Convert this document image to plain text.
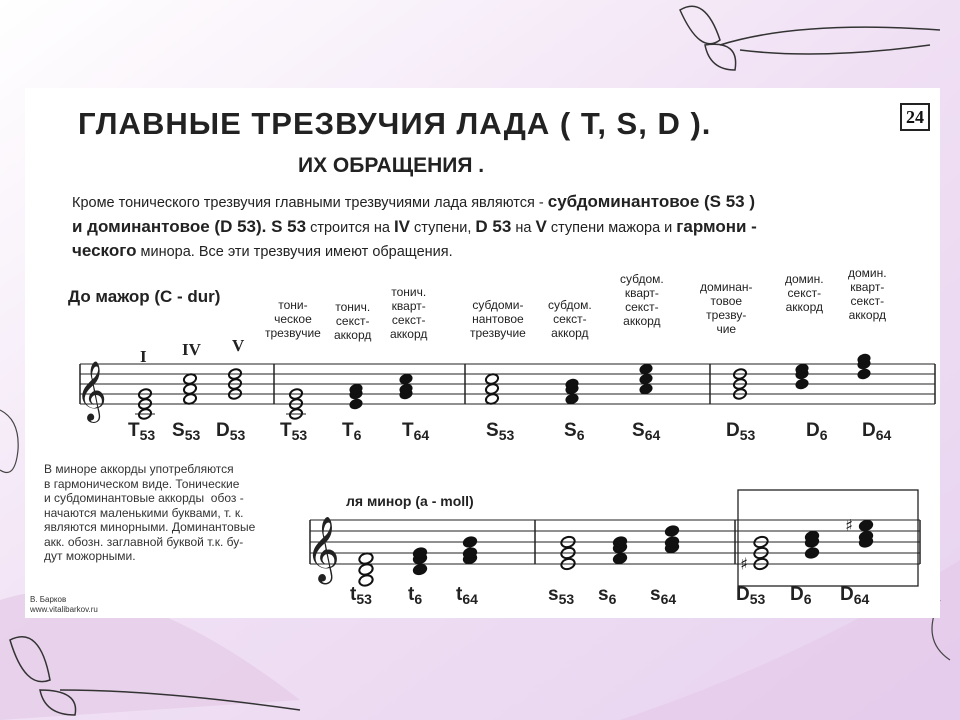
24
ГЛАВНЫЕ ТРЕЗВУЧИЯ ЛАДА ( T, S, D ).
ИХ ОБРАЩЕНИЯ .
Кроме тонического трезвучия главными трезвучиями лада являются - субдоминантовое (S 53 )
и доминантовое (D 53). S 53 строится на IV ступени, D 53 на V ступени мажора и гармони -
ческого минора. Все эти трезвучия имеют обращения.
До мажор (С - dur)
I IV V
тони-
ческое
трезвучие
тонич.
секст-
аккорд
тонич.
кварт-
секст-
аккорд
субдоми-
нантовое
трезвучие
субдом.
секст-
аккорд
субдом.
кварт-
секст-
аккорд
доминан-
товое
трезву-
чие
домин.
секст-
аккорд
домин.
кварт-
секст-
аккорд
𝄞
$T_{53}$ $S_{53}$ $D_{53}$ $T_{53}$ $T_6$ $T_{64}$	$S_{53}$	$S_6$	$S_{64}$	$D_{53}$	$D_6$ $D_{64}$
В миноре аккорды употребляются
в гармоническом виде. Тонические
и субдоминантовые аккорды  обоз -
начаются маленькими буквами, т. к.
являются минорными. Доминантовые
акк. обозн. заглавной буквой т.к. бу-
дут можорными.
ля минор (а - moll)
𝄞	♯
♯
$t_{53}$ $t_6$ $t_{64}$	$s_{53}$ $s_6$ $s_{64}$	$D_{53}$ $D_6$ $D_{64}$
В. Барков
www.vitalibarkov.ru
